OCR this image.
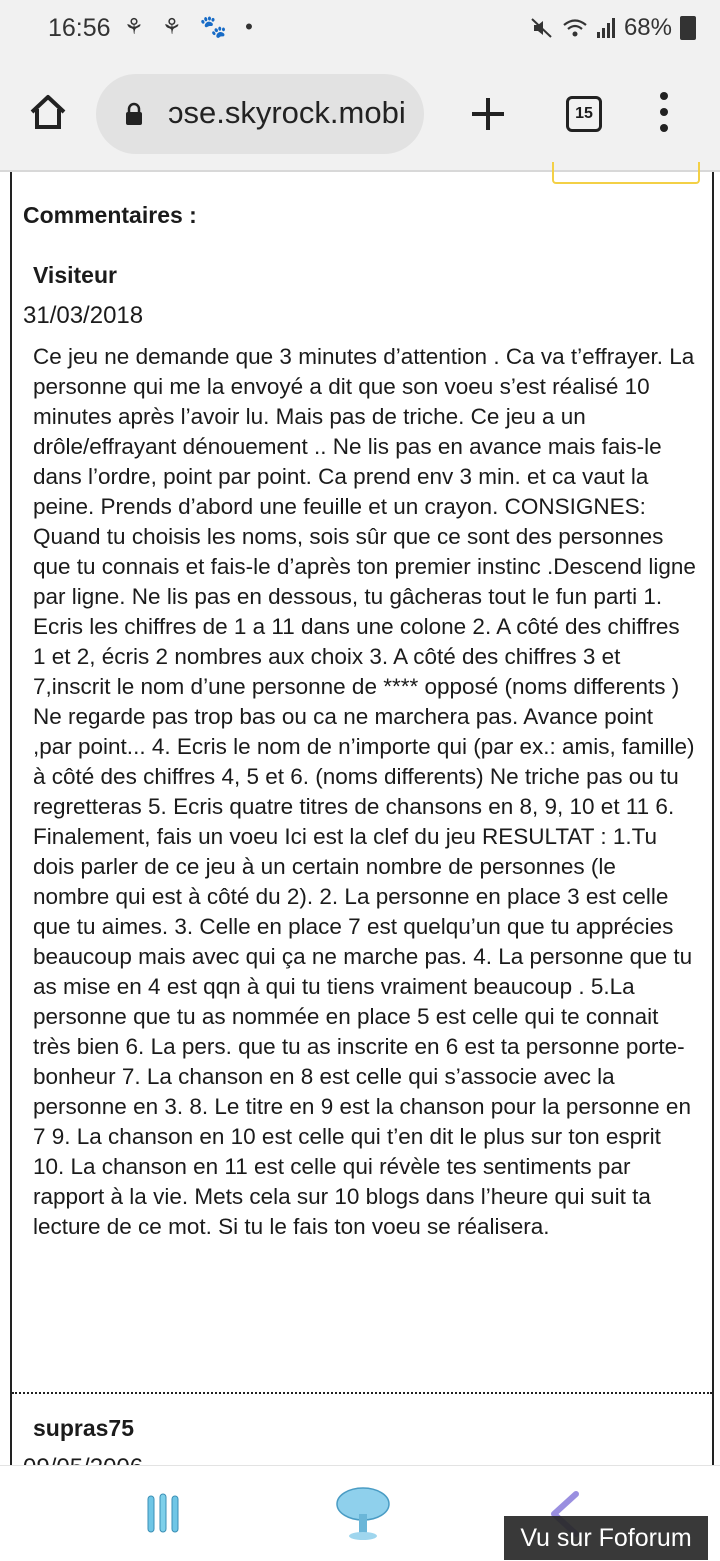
16:56 ⚘ ⚘ 🐾 •	68%
ɔse.skyrock.mobi	15
Commentaires :
Visiteur
31/03/2018

Ce jeu ne demande que 3 minutes d’attention . Ca va t’effrayer. La personne qui me la envoyé a dit que son voeu s’est réalisé 10 minutes après l’avoir lu. Mais pas de triche. Ce jeu a un drôle/effrayant dénouement .. Ne lis pas en avance mais fais-le dans l’ordre, point par point. Ca prend env 3 min. et ca vaut la peine. Prends d’abord une feuille et un crayon. CONSIGNES: Quand tu choisis les noms, sois sûr que ce sont des personnes que tu connais et fais-le d’après ton premier instinc .Descend ligne par ligne. Ne lis pas en dessous, tu gâcheras tout le fun parti 1. Ecris les chiffres de 1 a 11 dans une colone 2. A côté des chiffres 1 et 2, écris 2 nombres aux choix 3. A côté des chiffres 3 et 7,inscrit le nom d’une personne de **** opposé (noms differents ) Ne regarde pas trop bas ou ca ne marchera pas. Avance point ,par point... 4. Ecris le nom de n’importe qui (par ex.: amis, famille) à côté des chiffres 4, 5 et 6. (noms differents) Ne triche pas ou tu regretteras 5. Ecris quatre titres de chansons en 8, 9, 10 et 11 6. Finalement, fais un voeu Ici est la clef du jeu RESULTAT : 1.Tu dois parler de ce jeu à un certain nombre de personnes (le nombre qui est à côté du 2). 2. La personne en place 3 est celle que tu aimes. 3. Celle en place 7 est quelqu’un que tu apprécies beaucoup mais avec qui ça ne marche pas. 4. La personne que tu as mise en 4 est qqn à qui tu tiens vraiment beaucoup . 5.La personne que tu as nommée en place 5 est celle qui te connait très bien 6. La pers. que tu as inscrite en 6 est ta personne porte-bonheur 7. La chanson en 8 est celle qui s’associe avec la personne en 3. 8. Le titre en 9 est la chanson pour la personne en 7 9. La chanson en 10 est celle qui t’en dit le plus sur ton esprit 10. La chanson en 11 est celle qui révèle tes sentiments par rapport à la vie. Mets cela sur 10 blogs dans l’heure qui suit ta lecture de ce mot. Si tu le fais ton voeu se réalisera.

supras75
Vu sur Foforum
